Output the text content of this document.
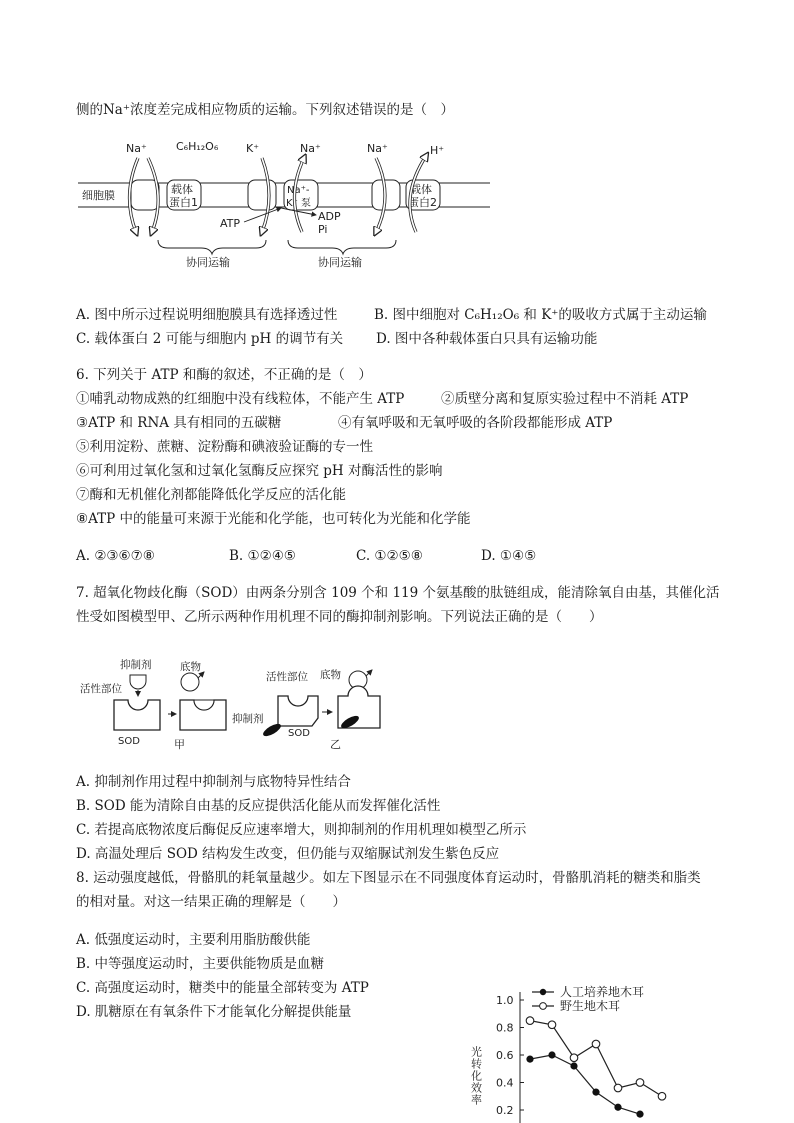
侧的Na⁺浓度差完成相应物质的运输。下列叙述错误的是（　）
细胞膜	载体
蛋白1
Na⁺-
K⁺ 泵
载体
蛋白2
Na⁺	C₆H₁₂O₆	K⁺	Na⁺	Na⁺	H⁺
ATP
ADP
Pi
协同运输	协同运输
A. 图中所示过程说明细胞膜具有选择透过性	B. 图中细胞对 C₆H₁₂O₆ 和 K⁺的吸收方式属于主动运输
C. 载体蛋白 2 可能与细胞内 pH 的调节有关 D. 图中各种载体蛋白只具有运输功能
6. 下列关于 ATP 和酶的叙述，不正确的是（　）
①哺乳动物成熟的红细胞中没有线粒体，不能产生 ATP	②质壁分离和复原实验过程中不消耗 ATP
③ATP 和 RNA 具有相同的五碳糖	④有氧呼吸和无氧呼吸的各阶段都能形成 ATP
⑤利用淀粉、蔗糖、淀粉酶和碘液验证酶的专一性
⑥可利用过氧化氢和过氧化氢酶反应探究 pH 对酶活性的影响
⑦酶和无机催化剂都能降低化学反应的活化能
⑧ATP 中的能量可来源于光能和化学能，也可转化为光能和化学能
A. ②③⑥⑦⑧	B. ①②④⑤	C. ①②⑤⑧	D. ①④⑤
7. 超氧化物歧化酶（SOD）由两条分别含 109 个和 119 个氨基酸的肽链组成，能清除氧自由基，其催化活
性受如图模型甲、乙所示两种作用机理不同的酶抑制剂影响。下列说法正确的是（　　）
抑制剂	底物
活性部位
SOD	甲
活性部位 底物
抑制剂
SOD
乙
A. 抑制剂作用过程中抑制剂与底物特异性结合
B. SOD 能为清除自由基的反应提供活化能从而发挥催化活性
C. 若提高底物浓度后酶促反应速率增大，则抑制剂的作用机理如模型乙所示
D. 高温处理后 SOD 结构发生改变，但仍能与双缩脲试剂发生紫色反应
8. 运动强度越低，骨骼肌的耗氧量越少。如左下图显示在不同强度体育运动时，骨骼肌消耗的糖类和脂类
的相对量。对这一结果正确的理解是（　　）
A. 低强度运动时，主要利用脂肪酸供能
B. 中等强度运动时，主要供能物质是血糖
C. 高强度运动时，糖类中的能量全部转变为 ATP
D. 肌糖原在有氧条件下才能氧化分解提供能量
1.0
0.8
0.6
0.4
0.2
光转化效率
人工培养地木耳
野生地木耳
